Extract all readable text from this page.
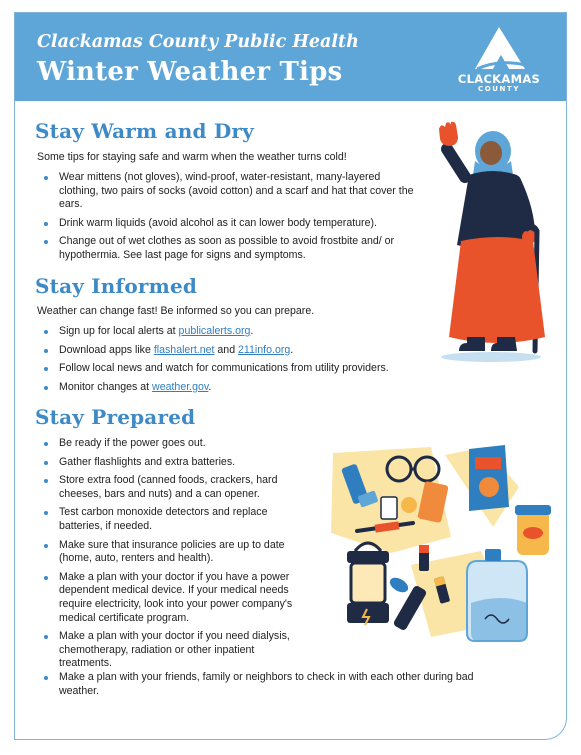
Clackamas County Public Health
Winter Weather Tips	CLACKAMAS
COUNTY
Stay Warm and Dry
Some tips for staying safe and warm when the weather turns cold!
Wear mittens (not gloves), wind-proof, water-resistant, many-layered clothing, two pairs of socks (avoid cotton) and a scarf and hat that cover the ears.
Drink warm liquids (avoid alcohol as it can lower body temperature).
Change out of wet clothes as soon as possible to avoid frostbite and/ or hypothermia. See last page for signs and symptoms.
Stay Informed
Weather can change fast! Be informed so you can prepare.
Sign up for local alerts at publicalerts.org.
Download apps like flashalert.net and 211info.org.
Follow local news and watch for communications from utility providers.
Monitor changes at weather.gov.
Stay Prepared
Be ready if the power goes out.
Gather flashlights and extra batteries.
Store extra food (canned foods, crackers, hard cheeses, bars and nuts) and a can opener.
Test carbon monoxide detectors and replace batteries, if needed.
Make sure that insurance policies are up to date (home, auto, renters and health).
Make a plan with your doctor if you have a power dependent medical device. If your medical needs require electricity, look into your power company's medical certificate program.
Make a plan with your doctor if you need dialysis, chemotherapy, radiation or other inpatient treatments.
Make a plan with your friends, family or neighbors to check in with each other during bad weather.
